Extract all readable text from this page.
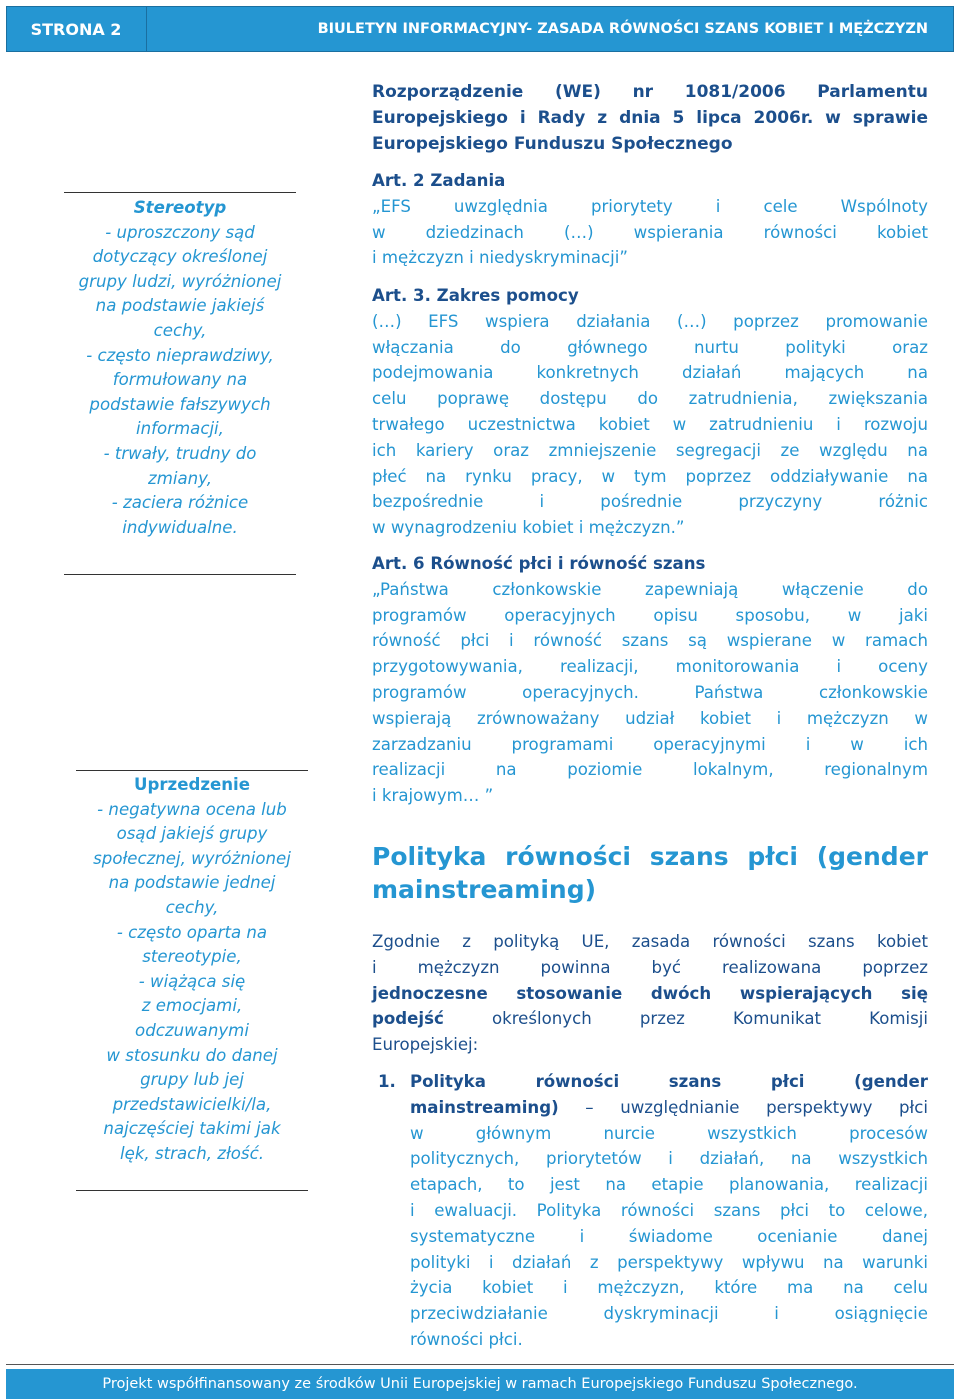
STRONA 2	BIULETYN INFORMACYJNY- ZASADA RÓWNOŚCI SZANS KOBIET I MĘŻCZYZN

Stereotyp

- uproszczony sąd

dotyczący określonej

grupy ludzi, wyróżnionej

na podstawie jakiejś

cechy,

- często nieprawdziwy,

formułowany na

podstawie fałszywych

informacji,

- trwały, trudny do

zmiany,

- zaciera różnice

indywidualne.

Uprzedzenie

- negatywna ocena lub

osąd jakiejś grupy

społecznej, wyróżnionej

na podstawie jednej

cechy,

- często oparta na

stereotypie,

- wiążąca się

z emocjami,

odczuwanymi

w stosunku do danej

grupy lub jej

przedstawicielki/la,

najczęściej takimi jak

lęk, strach, złość.

Rozporządzenie (WE) nr 1081/2006 Parlamentu
Europejskiego i Rady z dnia 5 lipca 2006r. w sprawie
Europejskiego Funduszu Społecznego
Art. 2 Zadania
„EFS uwzględnia priorytety i cele Wspólnoty
w dziedzinach (…) wspierania równości kobiet
i mężczyzn i niedyskryminacji”
Art. 3. Zakres pomocy
(…) EFS wspiera działania (…) poprzez promowanie
włączania do głównego nurtu polityki oraz
podejmowania konkretnych działań mających na
celu poprawę dostępu do zatrudnienia, zwiększania
trwałego uczestnictwa kobiet w zatrudnieniu i rozwoju
ich kariery oraz zmniejszenie segregacji ze względu na
płeć na rynku pracy, w tym poprzez oddziaływanie na
bezpośrednie i pośrednie przyczyny różnic
w wynagrodzeniu kobiet i mężczyzn.”
Art. 6 Równość płci i równość szans
„Państwa członkowskie zapewniają włączenie do
programów operacyjnych opisu sposobu, w jaki
równość płci i równość szans są wspierane w ramach
przygotowywania, realizacji, monitorowania i oceny
programów operacyjnych. Państwa członkowskie
wspierają zrównoważany udział kobiet i mężczyzn w
zarzadzaniu programami operacyjnymi i w ich
realizacji na poziomie lokalnym, regionalnym
i krajowym… ”
Polityka równości szans płci (gender
mainstreaming)
Zgodnie z polityką UE, zasada równości szans kobiet
i mężczyzn powinna być realizowana poprzez
jednoczesne stosowanie dwóch wspierających się
podejść określonych przez Komunikat Komisji
Europejskiej:
1. Polityka równości szans płci (gender
mainstreaming) – uwzględnianie perspektywy płci
w głównym nurcie wszystkich procesów
politycznych, priorytetów i działań, na wszystkich
etapach, to jest na etapie planowania, realizacji
i ewaluacji. Polityka równości szans płci to celowe,
systematyczne i świadome ocenianie danej
polityki i działań z perspektywy wpływu na warunki
życia kobiet i mężczyzn, które ma na celu
przeciwdziałanie dyskryminacji i osiągnięcie
równości płci.
Projekt współfinansowany ze środków Unii Europejskiej w ramach Europejskiego Funduszu Społecznego.
